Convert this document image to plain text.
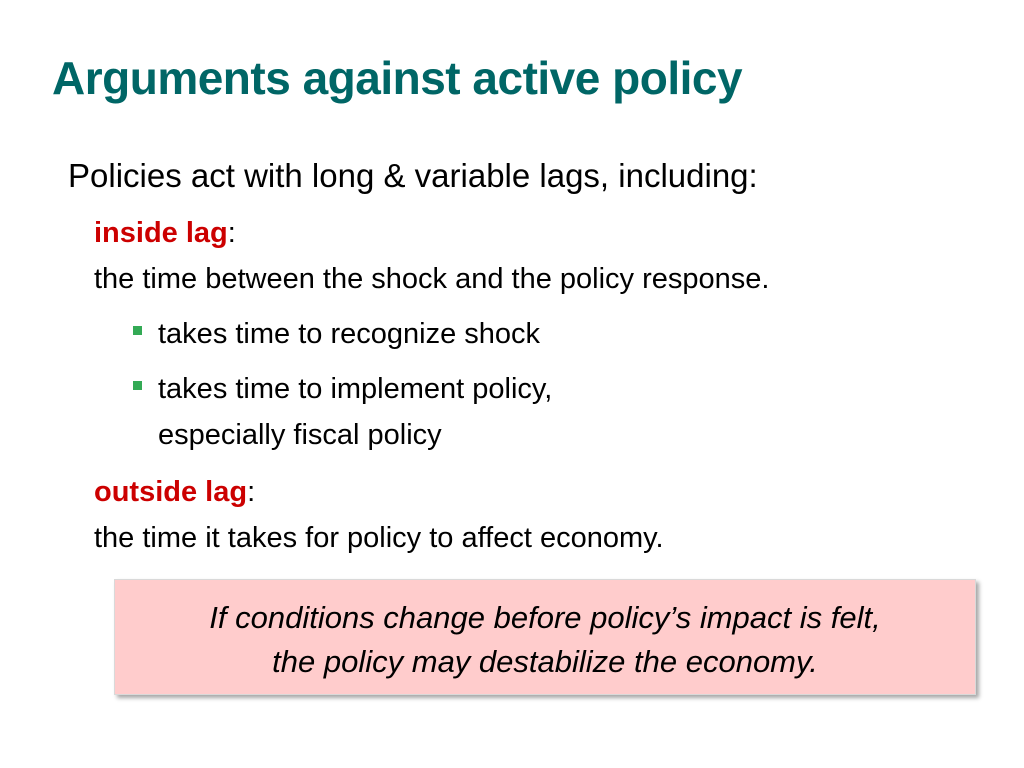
Arguments against active policy
Policies act with long & variable lags, including:
inside lag:
the time between the shock and the policy response.
takes time to recognize shock
takes time to implement policy,
especially fiscal policy
outside lag:
the time it takes for policy to affect economy.
If conditions change before policy’s impact is felt,
the policy may destabilize the economy.
